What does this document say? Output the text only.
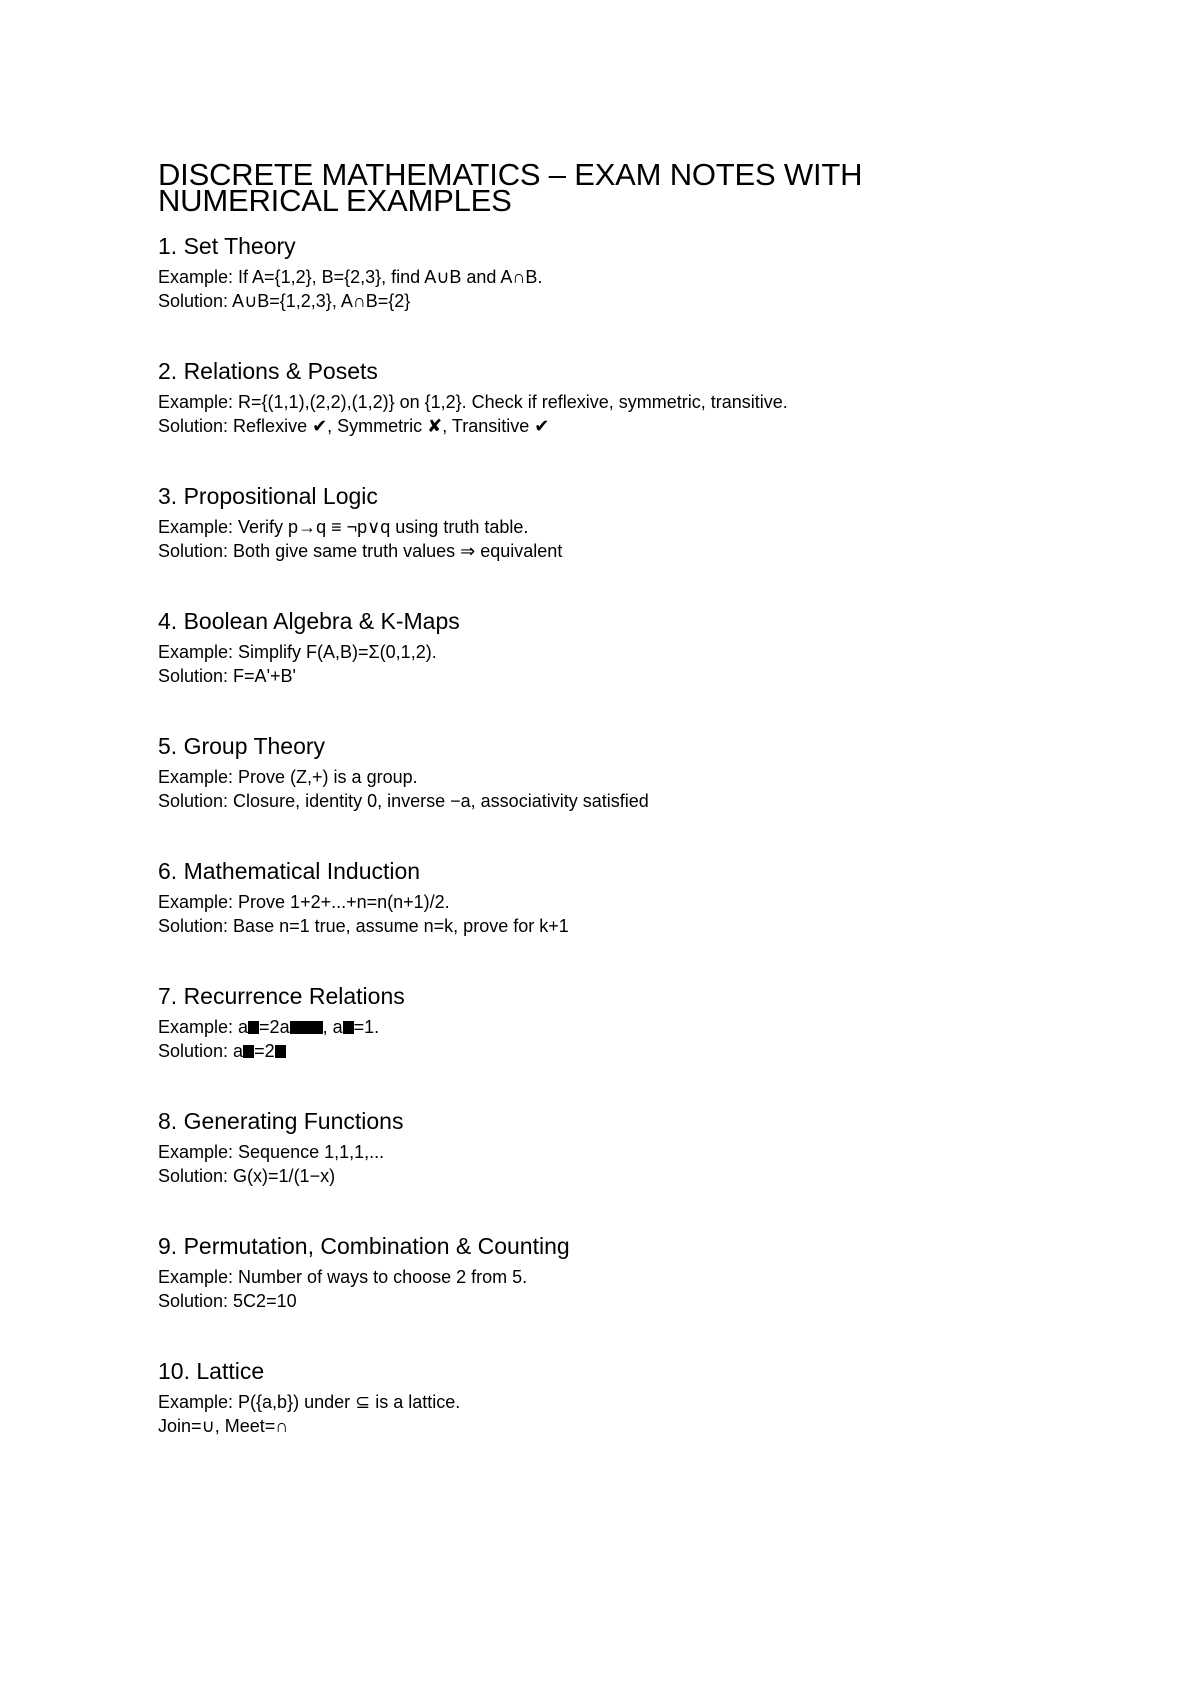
DISCRETE MATHEMATICS – EXAM NOTES WITH
NUMERICAL EXAMPLES
1. Set Theory

Example: If A={1,2}, B={2,3}, find A∪B and A∩B.

Solution: A∪B={1,2,3}, A∩B={2}

2. Relations & Posets

Example: R={(1,1),(2,2),(1,2)} on {1,2}. Check if reflexive, symmetric, transitive.

Solution: Reflexive ✔, Symmetric ✘, Transitive ✔

3. Propositional Logic

Example: Verify p→q ≡ ¬p∨q using truth table.

Solution: Both give same truth values ⇒ equivalent

4. Boolean Algebra & K-Maps

Example: Simplify F(A,B)=Σ(0,1,2).

Solution: F=A'+B'

5. Group Theory

Example: Prove (Z,+) is a group.

Solution: Closure, identity 0, inverse −a, associativity satisfied

6. Mathematical Induction

Example: Prove 1+2+...+n=n(n+1)/2.

Solution: Base n=1 true, assume n=k, prove for k+1

7. Recurrence Relations

Example: a =2a , a =1.

Solution: a =2

8. Generating Functions

Example: Sequence 1,1,1,...

Solution: G(x)=1/(1−x)

9. Permutation, Combination & Counting

Example: Number of ways to choose 2 from 5.

Solution: 5C2=10

10. Lattice

Example: P({a,b}) under ⊆ is a lattice.

Join=∪, Meet=∩
